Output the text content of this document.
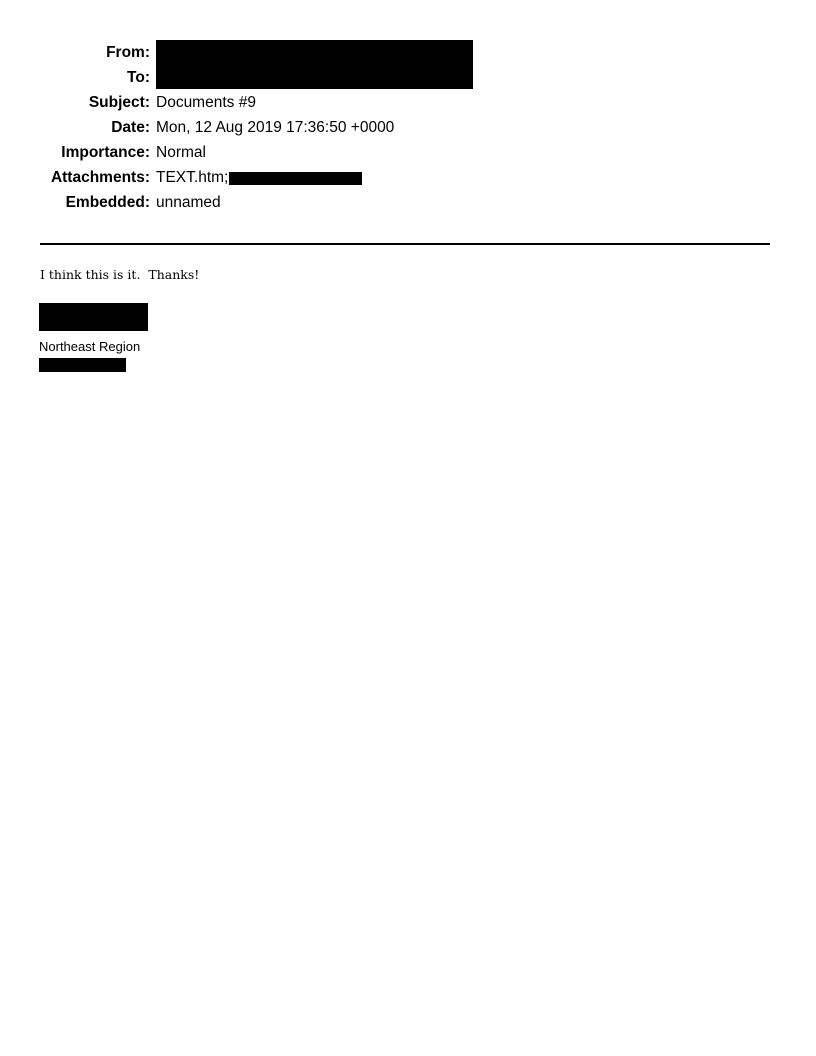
From:
To:
Subject: Documents #9
Date: Mon, 12 Aug 2019 17:36:50 +0000
Importance: Normal
Attachments: TEXT.htm;
Embedded: unnamed
I think this is it.  Thanks!
Northeast Region
